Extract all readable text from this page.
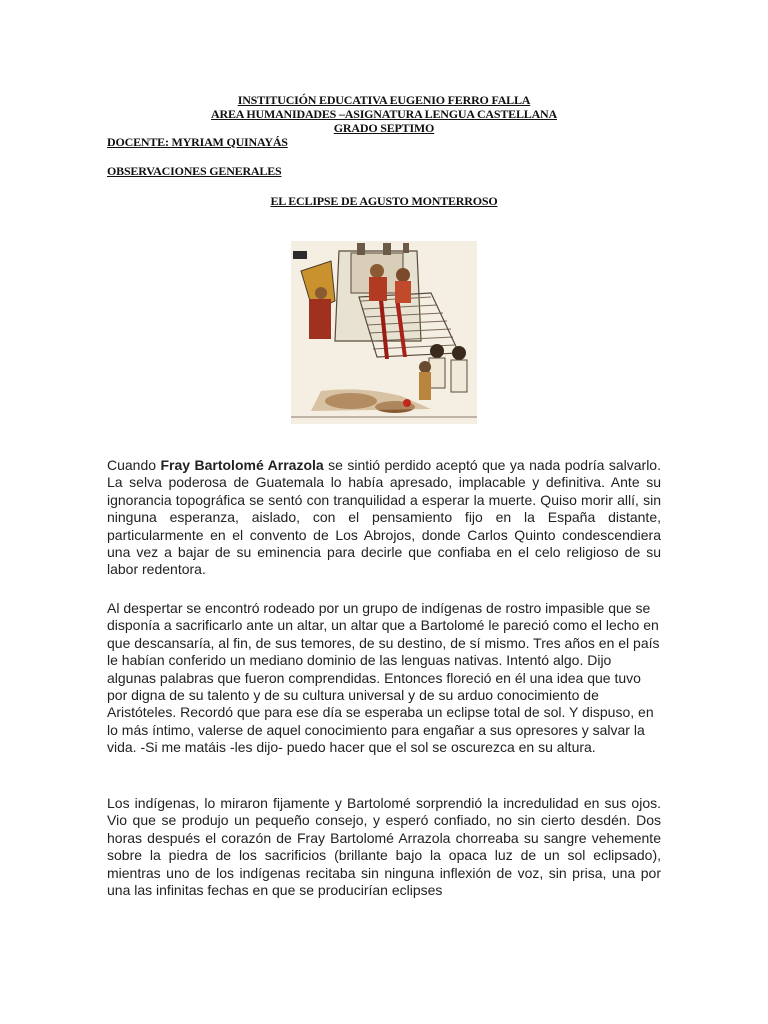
INSTITUCIÓN EDUCATIVA EUGENIO FERRO FALLA
AREA HUMANIDADES –ASIGNATURA LENGUA CASTELLANA
GRADO SEPTIMO
DOCENTE: MYRIAM QUINAYÁS
OBSERVACIONES GENERALES
EL ECLIPSE DE AGUSTO MONTERROSO

Cuando Fray Bartolomé Arrazola se sintió perdido aceptó que ya nada podría salvarlo. La selva poderosa de Guatemala lo había apresado, implacable y definitiva. Ante su ignorancia topográfica se sentó con tranquilidad a esperar la muerte. Quiso morir allí, sin ninguna esperanza, aislado, con el pensamiento fijo en la España distante, particularmente en el convento de Los Abrojos, donde Carlos Quinto condescendiera una vez a bajar de su eminencia para decirle que confiaba en el celo religioso de su labor redentora.

Al despertar se encontró rodeado por un grupo de indígenas de rostro impasible que se disponía a sacrificarlo ante un altar, un altar que a Bartolomé le pareció como el lecho en que descansaría, al fin, de sus temores, de su destino, de sí mismo. Tres años en el país le habían conferido un mediano dominio de las lenguas nativas. Intentó algo. Dijo algunas palabras que fueron comprendidas. Entonces floreció en él una idea que tuvo por digna de su talento y de su cultura universal y de su arduo conocimiento de Aristóteles. Recordó que para ese día se esperaba un eclipse total de sol. Y dispuso, en lo más íntimo, valerse de aquel conocimiento para engañar a sus opresores y salvar la vida. -Si me matáis -les dijo- puedo hacer que el sol se oscurezca en su altura.

Los indígenas, lo miraron fijamente y Bartolomé sorprendió la incredulidad en sus ojos. Vio que se produjo un pequeño consejo, y esperó confiado, no sin cierto desdén. Dos horas después el corazón de Fray Bartolomé Arrazola chorreaba su sangre vehemente sobre la piedra de los sacrificios (brillante bajo la opaca luz de un sol eclipsado), mientras uno de los indígenas recitaba sin ninguna inflexión de voz, sin prisa, una por una las infinitas fechas en que se producirían eclipses
